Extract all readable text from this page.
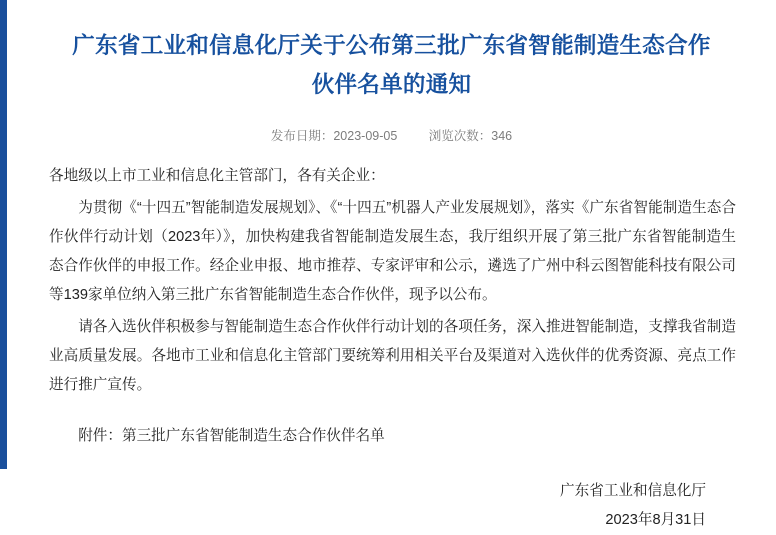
广东省工业和信息化厅关于公布第三批广东省智能制造生态合作伙伴名单的通知
发布日期：2023-09-05	浏览次数：346

各地级以上市工业和信息化主管部门，各有关企业：

为贯彻《“十四五”智能制造发展规划》、《“十四五”机器人产业发展规划》，落实《广东省智能制造生态合作伙伴行动计划（2023年）》，加快构建我省智能制造发展生态，我厅组织开展了第三批广东省智能制造生态合作伙伴的申报工作。经企业申报、地市推荐、专家评审和公示，遴选了广州中科云图智能科技有限公司等139家单位纳入第三批广东省智能制造生态合作伙伴，现予以公布。

请各入选伙伴积极参与智能制造生态合作伙伴行动计划的各项任务，深入推进智能制造，支撑我省制造业高质量发展。各地市工业和信息化主管部门要统筹利用相关平台及渠道对入选伙伴的优秀资源、亮点工作进行推广宣传。

附件：第三批广东省智能制造生态合作伙伴名单

广东省工业和信息化厅
2023年8月31日
